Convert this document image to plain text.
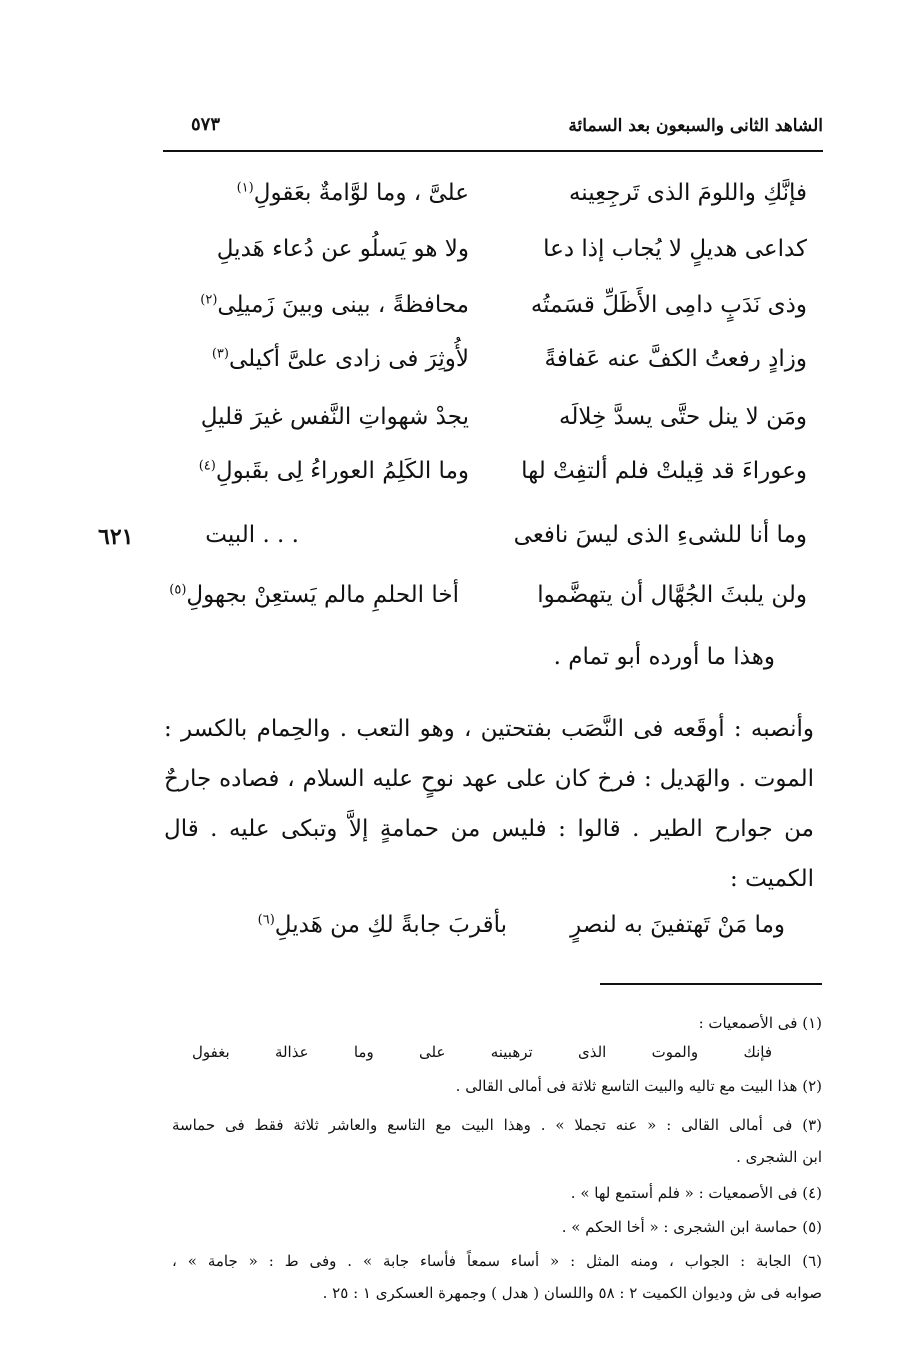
الشاهد الثانى والسبعون بعد السمائة
٥٧٣
فإنَّكِ واللومَ الذى تَرجِعِينه
علىَّ ، وما لوَّامةٌ بعَقولِ$^{(١)}$
كداعى هديلٍ لا يُجاب إذا دعا
ولا هو يَسلُو عن دُعاء هَديلِ
وذى نَدَبٍ دامِى الأَظَلِّ قسَمتُه
محافظةً ، بينى وبينَ زَميلِى$^{(٢)}$
وزادٍ رفعتُ الكفَّ عنه عَفافةً
لأُوثِرَ فى زادى علىَّ أكيلى$^{(٣)}$
ومَن لا ينل حتَّى يسدَّ خِلالَه
يجدْ شهواتِ النَّفس غيرَ قليلِ
وعوراءَ قد قِيلتْ فلم ألتفِتْ لها
وما الكَلِمُ العوراءُ لِى بقَبولِ$^{(٤)}$
وما أنا للشىءِ الذى ليسَ نافعى
. . . البيت
٦٢١
ولن يلبثَ الجُهَّال أن يتهضَّموا
أخا الحلمِ مالم يَستعِنْ بجهولِ$^{(٥)}$
وهذا ما أورده أبو تمام .
وأنصبه : أوقَعه فى النَّصَب بفتحتين ، وهو التعب . والحِمام بالكسر : الموت . والهَديل : فرخ كان على عهد نوحٍ عليه السلام ، فصاده جارحٌ من جوارح الطير . قالوا : فليس من حمامةٍ إلاَّ وتبكى عليه . قال الكميت :
وما مَنْ تَهتفينَ به لنصرٍ
بأقربَ جابةً لكِ من هَديلِ$^{(٦)}$
(١) فى الأصمعيات :
فإنك والموت الذى ترهبينه على وما عذالة بغفول
(٢) هذا البيت مع تاليه والبيت التاسع ثلاثة فى أمالى القالى .
(٣) فى أمالى القالى : « عنه تجملا » . وهذا البيت مع التاسع والعاشر ثلاثة فقط فى حماسة
ابن الشجرى .
(٤) فى الأصمعيات : « فلم أستمع لها » .
(٥) حماسة ابن الشجرى : « أخا الحكم » .
(٦) الجابة : الجواب ، ومنه المثل : « أساء سمعاً فأساء جابة » . وفى ط : « جامة » ،
صوابه فى ش وديوان الكميت ٢ : ٥٨ واللسان ( هدل ) وجمهرة العسكرى ١ : ٢٥ .
